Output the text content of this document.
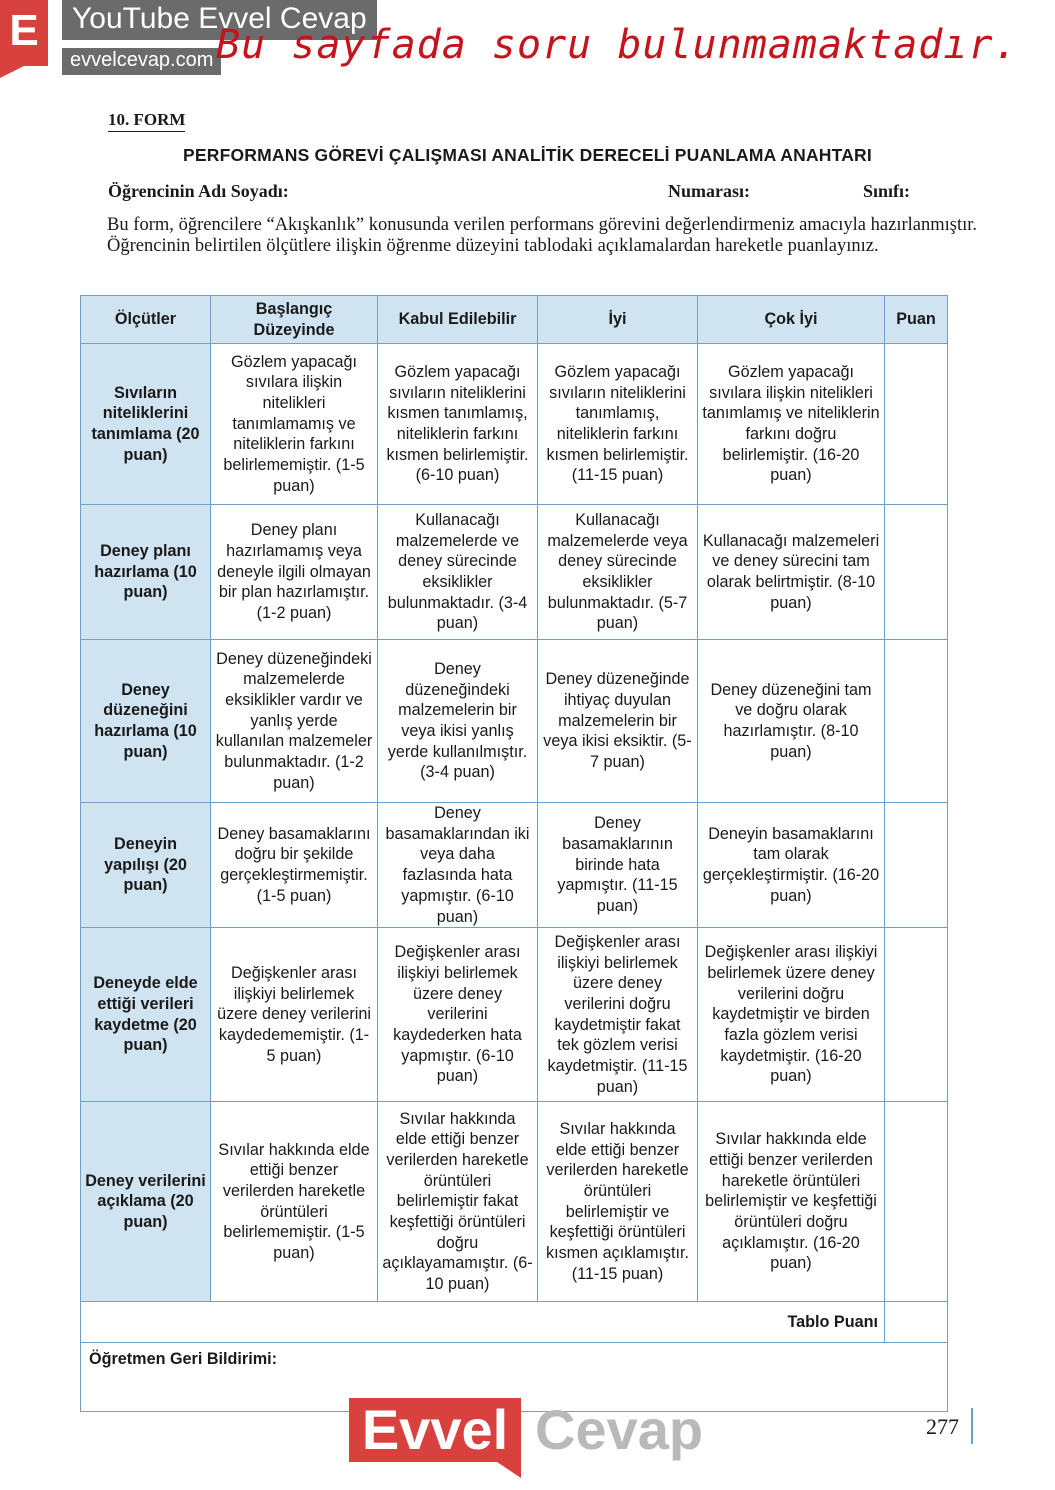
E	YouTube Evvel Cevap
evvelcevap.com Bu sayfada soru bulunmamaktadır.
10. FORM
PERFORMANS GÖREVİ ÇALIŞMASI ANALİTİK DERECELİ PUANLAMA ANAHTARI
Öğrencinin Adı Soyadı:	Numarası:	Sınıfı:
Bu form, öğrencilere “Akışkanlık” konusunda verilen performans görevini değerlendirmeniz amacıyla hazırlanmıştır. Öğrencinin belirtilen ölçütlere ilişkin öğrenme düzeyini tablodaki açıklamalardan hareketle puanlayınız.
Ölçütler	Başlangıç Düzeyinde	Kabul Edilebilir	İyi	Çok İyi	Puan
Sıvıların niteliklerini tanımlama (20 puan)	Gözlem yapacağı sıvılara ilişkin nitelikleri tanımlamamış ve niteliklerin farkını belirlememiştir. (1-5 puan)	Gözlem yapacağı sıvıların niteliklerini kısmen tanımlamış, niteliklerin farkını kısmen belirlemiştir. (6-10 puan)	Gözlem yapacağı sıvıların niteliklerini tanımlamış, niteliklerin farkını kısmen belirlemiştir. (11-15 puan)	Gözlem yapacağı sıvılara ilişkin nitelikleri tanımlamış ve niteliklerin farkını doğru belirlemiştir. (16-20 puan)	
Deney planı hazırlama (10 puan)	Deney planı hazırlamamış veya deneyle ilgili olmayan bir plan hazırlamıştır. (1-2 puan)	Kullanacağı malzemelerde ve deney sürecinde eksiklikler bulunmaktadır. (3-4 puan)	Kullanacağı malzemelerde veya deney sürecinde eksiklikler bulunmaktadır. (5-7 puan)	Kullanacağı malzemeleri ve deney sürecini tam olarak belirtmiştir. (8-10 puan)	
Deney düzeneğini hazırlama (10 puan)	Deney düzeneğindeki malzemelerde eksiklikler vardır ve yanlış yerde kullanılan malzemeler bulunmaktadır. (1-2 puan)	Deney düzeneğindeki malzemelerin bir veya ikisi yanlış yerde kullanılmıştır. (3-4 puan)	Deney düzeneğinde ihtiyaç duyulan malzemelerin bir veya ikisi eksiktir. (5-7 puan)	Deney düzeneğini tam ve doğru olarak hazırlamıştır. (8-10 puan)	
Deneyin yapılışı (20 puan)	Deney basamaklarını doğru bir şekilde gerçekleştirmemiştir. (1-5 puan)	Deney basamaklarından iki veya daha fazlasında hata yapmıştır. (6-10 puan)	Deney basamaklarının birinde hata yapmıştır. (11-15 puan)	Deneyin basamaklarını tam olarak gerçekleştirmiştir. (16-20 puan)	
Deneyde elde ettiği verileri kaydetme (20 puan)	Değişkenler arası ilişkiyi belirlemek üzere deney verilerini kaydedememiştir. (1-5 puan)	Değişkenler arası ilişkiyi belirlemek üzere deney verilerini kaydederken hata yapmıştır. (6-10 puan)	Değişkenler arası ilişkiyi belirlemek üzere deney verilerini doğru kaydetmiştir fakat tek gözlem verisi kaydetmiştir. (11-15 puan)	Değişkenler arası ilişkiyi belirlemek üzere deney verilerini doğru kaydetmiştir ve birden fazla gözlem verisi kaydetmiştir. (16-20 puan)	
Deney verilerini açıklama (20 puan)	Sıvılar hakkında elde ettiği benzer verilerden hareketle örüntüleri belirlememiştir. (1-5 puan)	Sıvılar hakkında elde ettiği benzer verilerden hareketle örüntüleri belirlemiştir fakat keşfettiği örüntüleri doğru açıklayamamıştır. (6-10 puan)	Sıvılar hakkında elde ettiği benzer verilerden hareketle örüntüleri belirlemiştir ve keşfettiği örüntüleri kısmen açıklamıştır. (11-15 puan)	Sıvılar hakkında elde ettiği benzer verilerden hareketle örüntüleri belirlemiştir ve keşfettiği örüntüleri doğru açıklamıştır. (16-20 puan)	
Tablo Puanı					
Öğretmen Geri Bildirimi:					
Evvel Cevap	277
